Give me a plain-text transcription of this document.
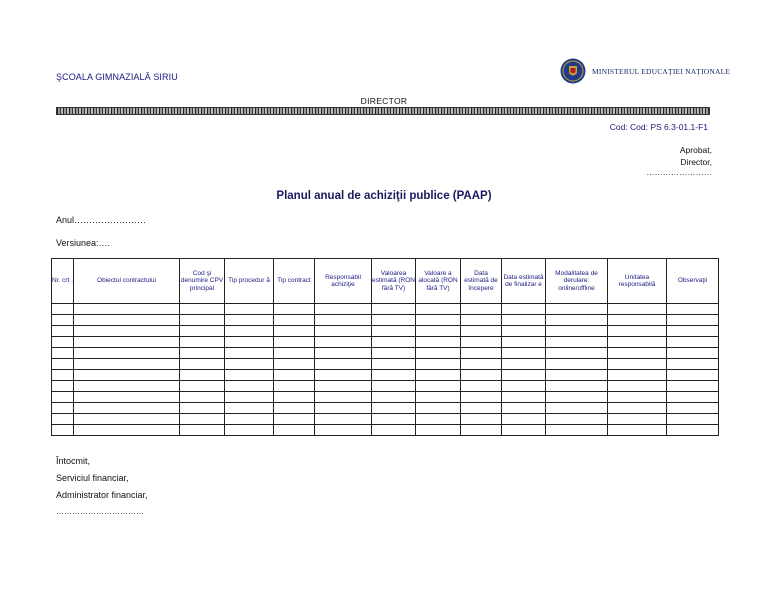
ŞCOALA GIMNAZIALĂ SIRIU
MINISTERUL EDUCAȚIEI NAȚIONALE
DIRECTOR
Cod: Cod: PS 6.3-01.1-F1
Aprobat,
Director,
……………………
Planul anual de achiziţii publice (PAAP)
Anul……………………
Versiunea:….
Nr. crt .	Obiectul contractului	Cod şi denumire CPV principal	Tip procedur ă	Tip contract	Responsabil achiziţie	Valoarea estimată (RON fără TV)	Valoare a alocată (RON fără TV)	Data estimată de începere	Data estimată de finalizar e	Modalitatea de derulare: online/offline	Unitatea responsabilă	Observaţii

Întocmit,
Serviciul financiar,
Administrator financiar,
……………………………
